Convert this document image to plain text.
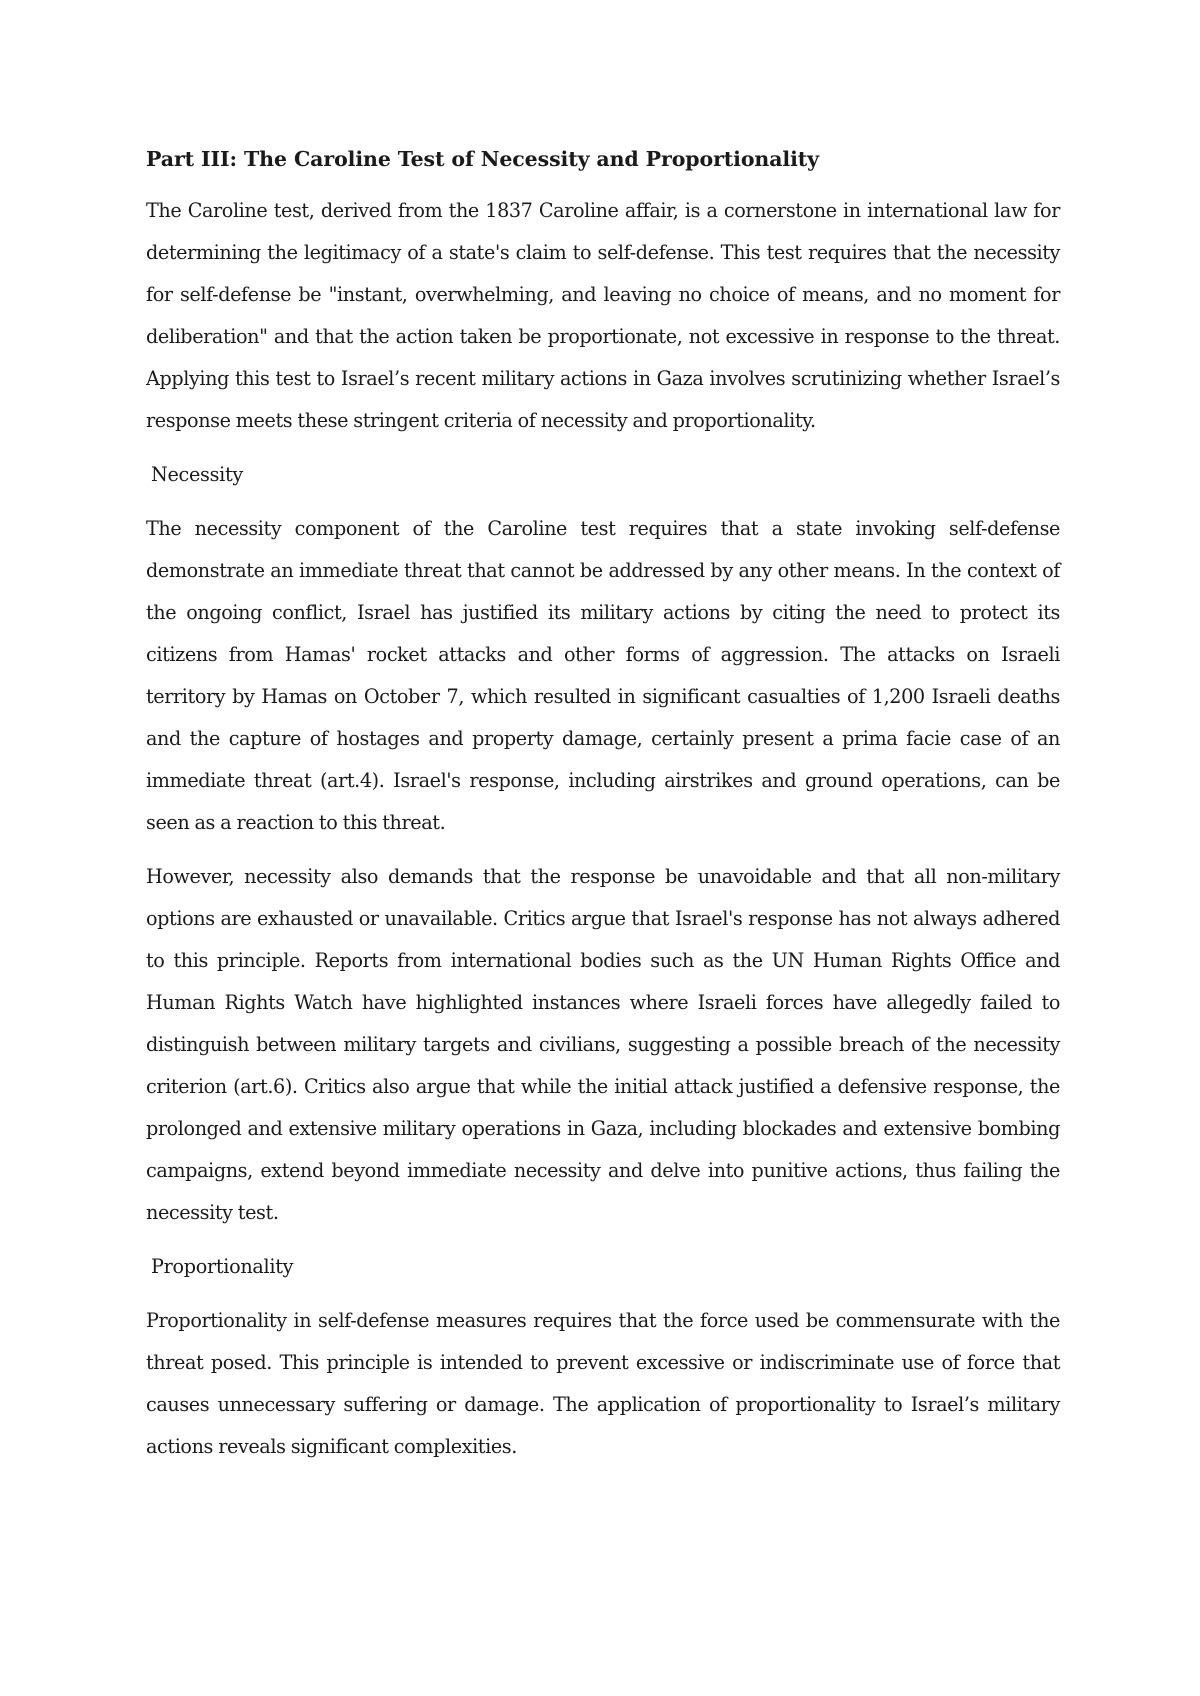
Part III: The Caroline Test of Necessity and Proportionality

The Caroline test, derived from the 1837 Caroline affair, is a cornerstone in international law for determining the legitimacy of a state's claim to self-defense. This test requires that the necessity for self-defense be "instant, overwhelming, and leaving no choice of means, and no moment for deliberation" and that the action taken be proportionate, not excessive in response to the threat. Applying this test to Israel’s recent military actions in Gaza involves scrutinizing whether Israel’s response meets these stringent criteria of necessity and proportionality.

Necessity

The necessity component of the Caroline test requires that a state invoking self-defense demonstrate an immediate threat that cannot be addressed by any other means. In the context of the ongoing conflict, Israel has justified its military actions by citing the need to protect its citizens from Hamas' rocket attacks and other forms of aggression. The attacks on Israeli territory by Hamas on October 7, which resulted in significant casualties of 1,200 Israeli deaths and the capture of hostages and property damage, certainly present a prima facie case of an immediate threat (art.4). Israel's response, including airstrikes and ground operations, can be seen as a reaction to this threat.

However, necessity also demands that the response be unavoidable and that all non-military options are exhausted or unavailable. Critics argue that Israel's response has not always adhered to this principle. Reports from international bodies such as the UN Human Rights Office and Human Rights Watch have highlighted instances where Israeli forces have allegedly failed to distinguish between military targets and civilians, suggesting a possible breach of the necessity criterion (art.6). Critics also argue that while the initial attack justified a defensive response, the prolonged and extensive military operations in Gaza, including blockades and extensive bombing campaigns, extend beyond immediate necessity and delve into punitive actions, thus failing the necessity test.

Proportionality

Proportionality in self-defense measures requires that the force used be commensurate with the threat posed. This principle is intended to prevent excessive or indiscriminate use of force that causes unnecessary suffering or damage. The application of proportionality to Israel’s military actions reveals significant complexities.
